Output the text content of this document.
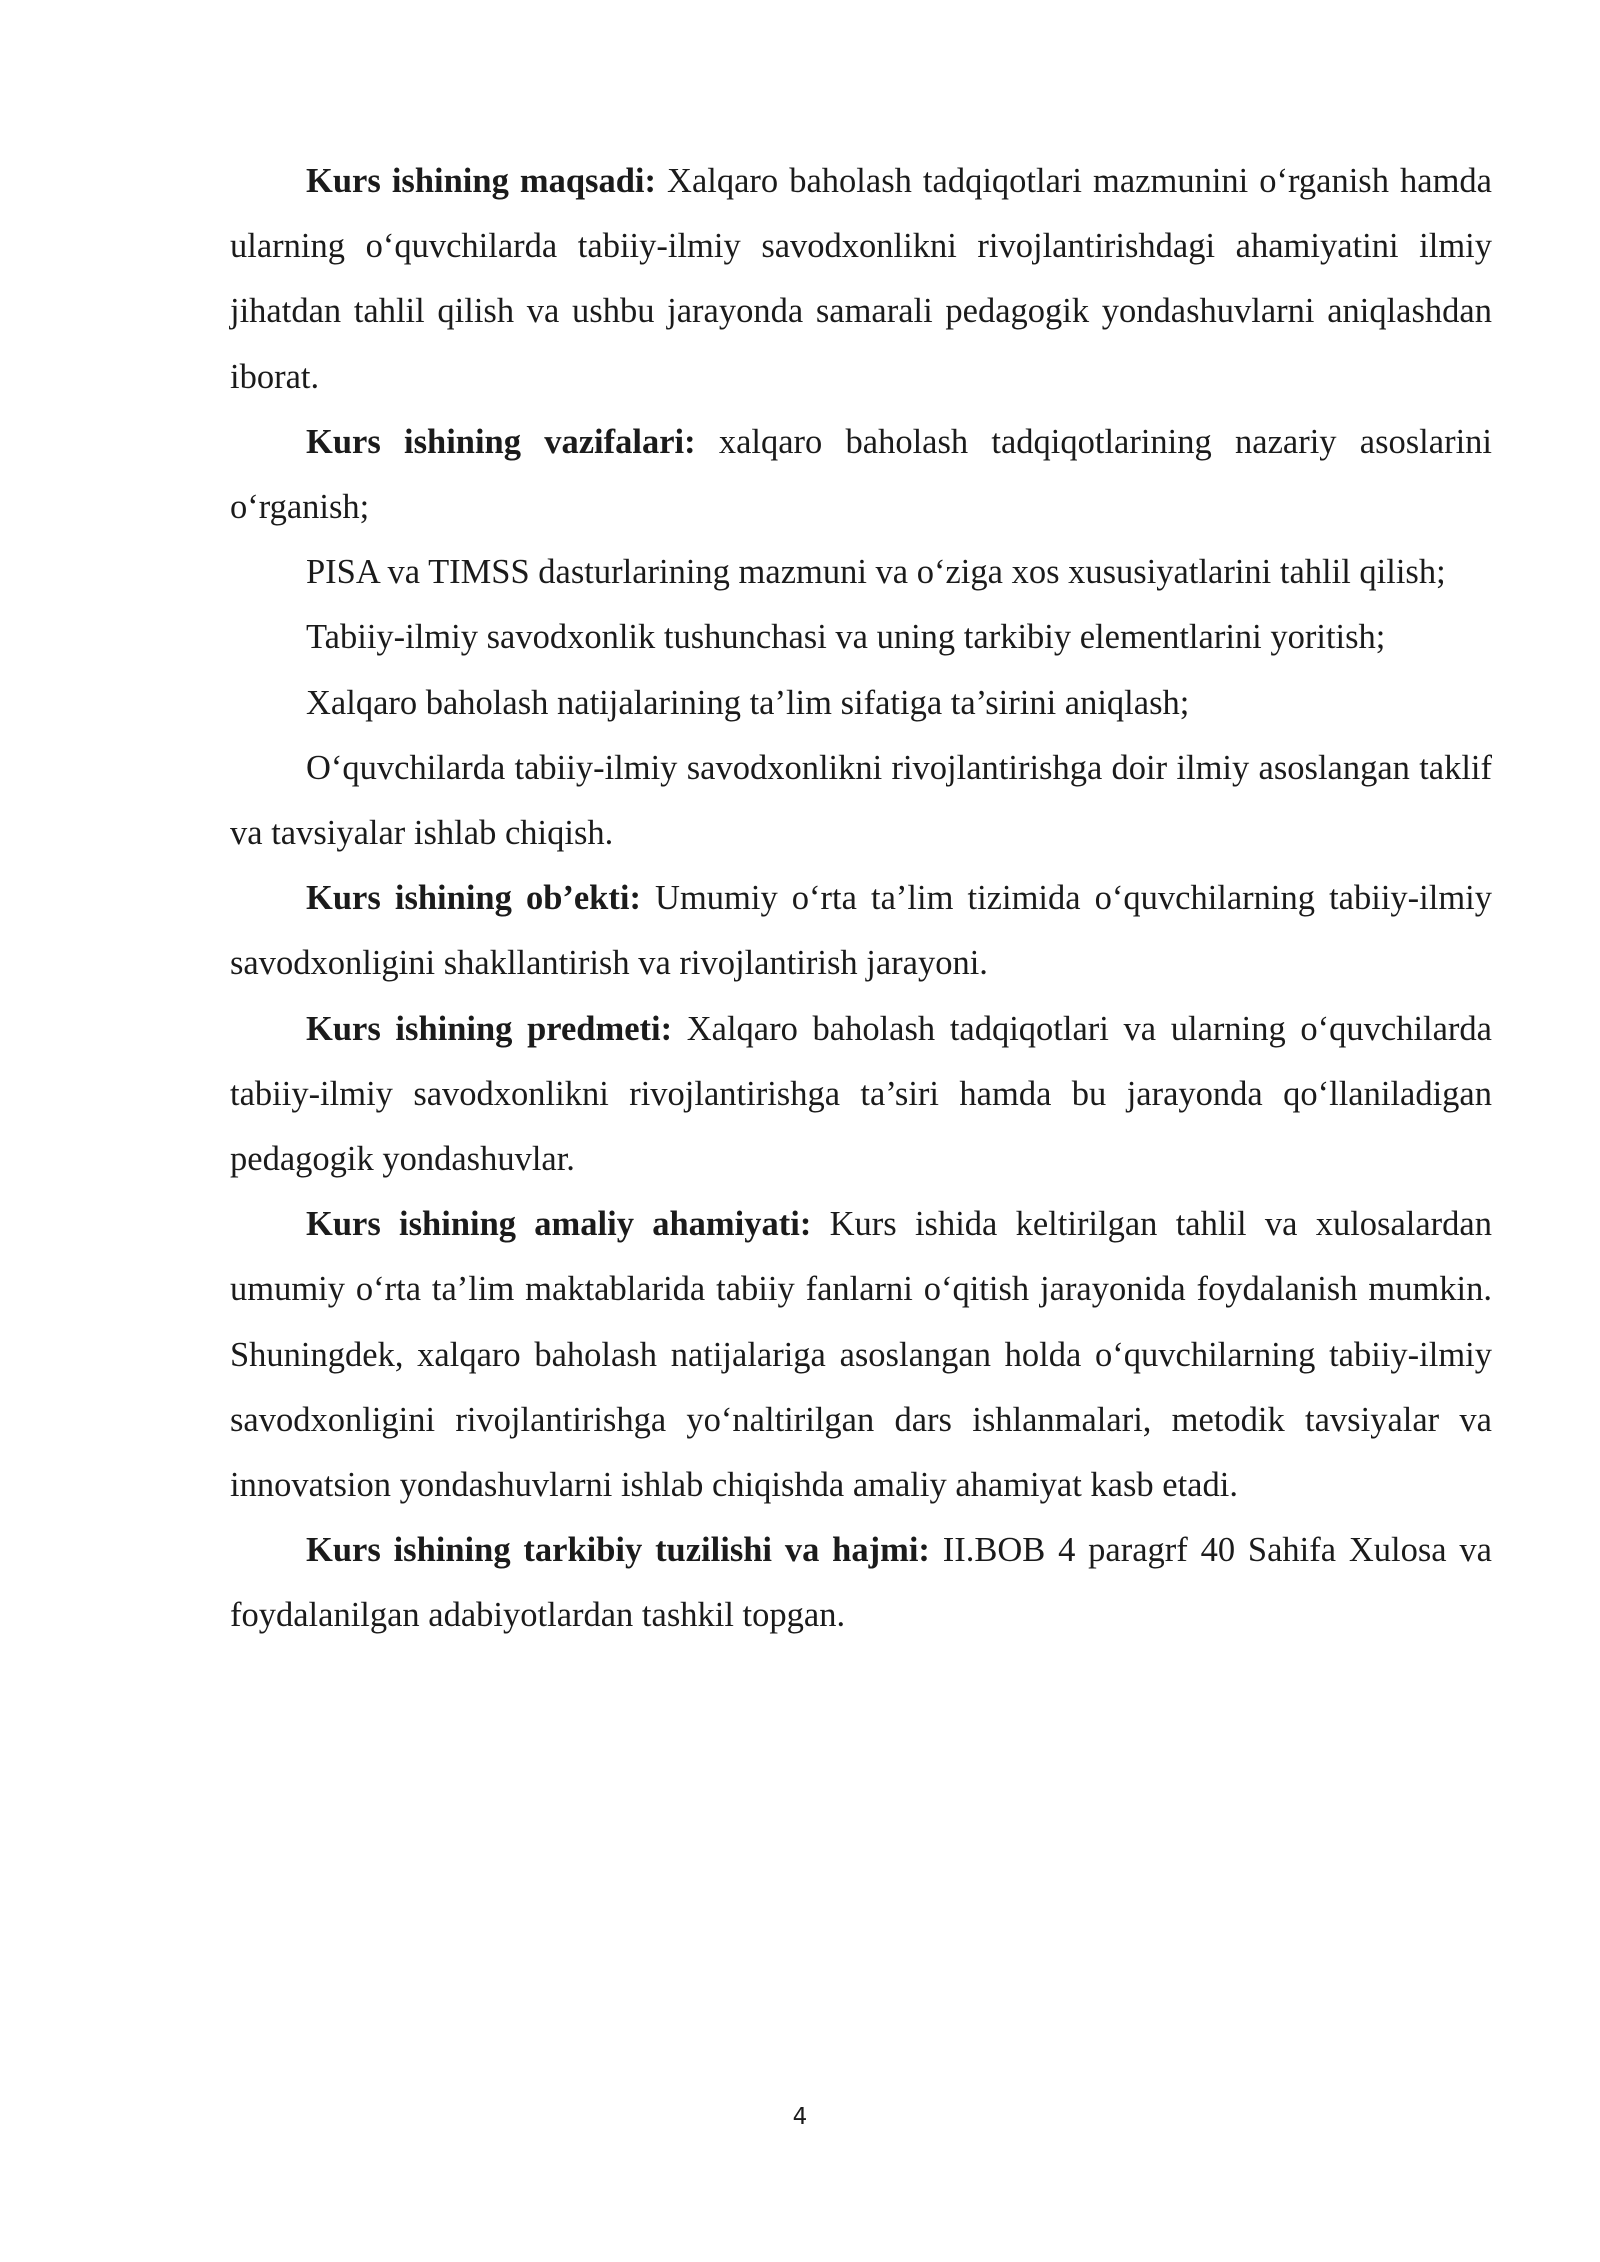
Kurs ishining maqsadi: Xalqaro baholash tadqiqotlari mazmunini o‘rganish hamda ularning o‘quvchilarda tabiiy-ilmiy savodxonlikni rivojlantirishdagi ahamiyatini ilmiy jihatdan tahlil qilish va ushbu jarayonda samarali pedagogik yondashuvlarni aniqlashdan iborat.

Kurs ishining vazifalari: xalqaro baholash tadqiqotlarining nazariy asoslarini o‘rganish;

PISA va TIMSS dasturlarining mazmuni va o‘ziga xos xususiyatlarini tahlil qilish;

Tabiiy-ilmiy savodxonlik tushunchasi va uning tarkibiy elementlarini yoritish;

Xalqaro baholash natijalarining ta’lim sifatiga ta’sirini aniqlash;

O‘quvchilarda tabiiy-ilmiy savodxonlikni rivojlantirishga doir ilmiy asoslangan taklif va tavsiyalar ishlab chiqish.

Kurs ishining ob’ekti: Umumiy o‘rta ta’lim tizimida o‘quvchilarning tabiiy-ilmiy savodxonligini shakllantirish va rivojlantirish jarayoni.

Kurs ishining predmeti: Xalqaro baholash tadqiqotlari va ularning o‘quvchilarda tabiiy-ilmiy savodxonlikni rivojlantirishga ta’siri hamda bu jarayonda qo‘llaniladigan pedagogik yondashuvlar.

Kurs ishining amaliy ahamiyati: Kurs ishida keltirilgan tahlil va xulosalardan umumiy o‘rta ta’lim maktablarida tabiiy fanlarni o‘qitish jarayonida foydalanish mumkin. Shuningdek, xalqaro baholash natijalariga asoslangan holda o‘quvchilarning tabiiy-ilmiy savodxonligini rivojlantirishga yo‘naltirilgan dars ishlanmalari, metodik tavsiyalar va innovatsion yondashuvlarni ishlab chiqishda amaliy ahamiyat kasb etadi.

Kurs ishining tarkibiy tuzilishi va hajmi: II.BOB 4 paragrf 40 Sahifa Xulosa va foydalanilgan adabiyotlardan tashkil topgan.

4
